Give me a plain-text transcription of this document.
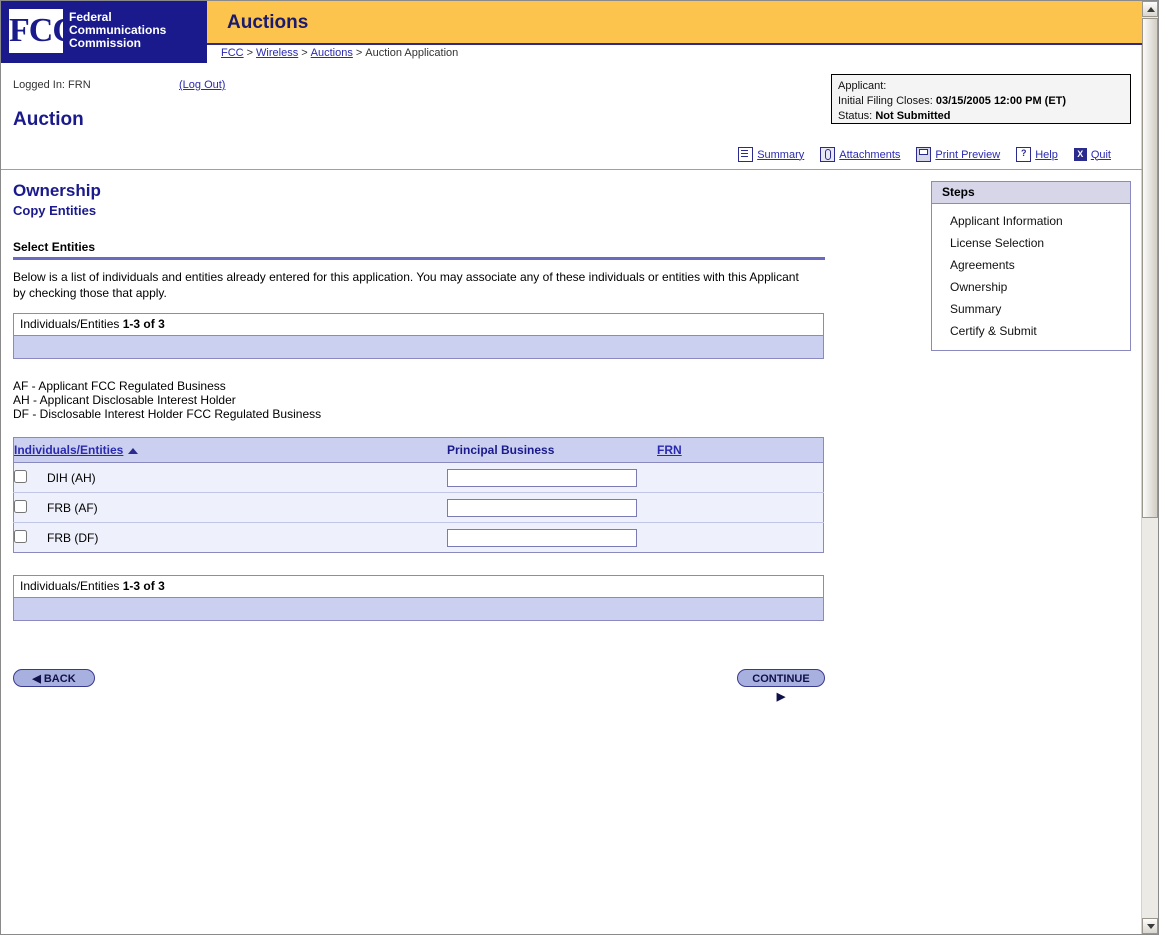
FCC
Federal
Communications
Commission
Auctions
FCC > Wireless > Auctions > Auction Application
Logged In: FRN	(Log Out)
Auction
Applicant:
Initial Filing Closes: 03/15/2005 12:00 PM (ET)
Status: Not Submitted
Summary	Attachments	Print Preview	? Help	X Quit
Ownership
Copy Entities
Select Entities
Below is a list of individuals and entities already entered for this application. You may associate any of these individuals or entities with this Applicant by checking those that apply.
Individuals/Entities 1-3 of 3
AF - Applicant FCC Regulated Business
AH - Applicant Disclosable Interest Holder
DF - Disclosable Interest Holder FCC Regulated Business
Individuals/Entities		Principal Business	FRN
	DIH (AH)		
	FRB (AF)		
	FRB (DF)		
Individuals/Entities 1-3 of 3
◀ BACK	CONTINUE ▶
Steps
Applicant Information
License Selection
Agreements
Ownership
Summary
Certify & Submit
